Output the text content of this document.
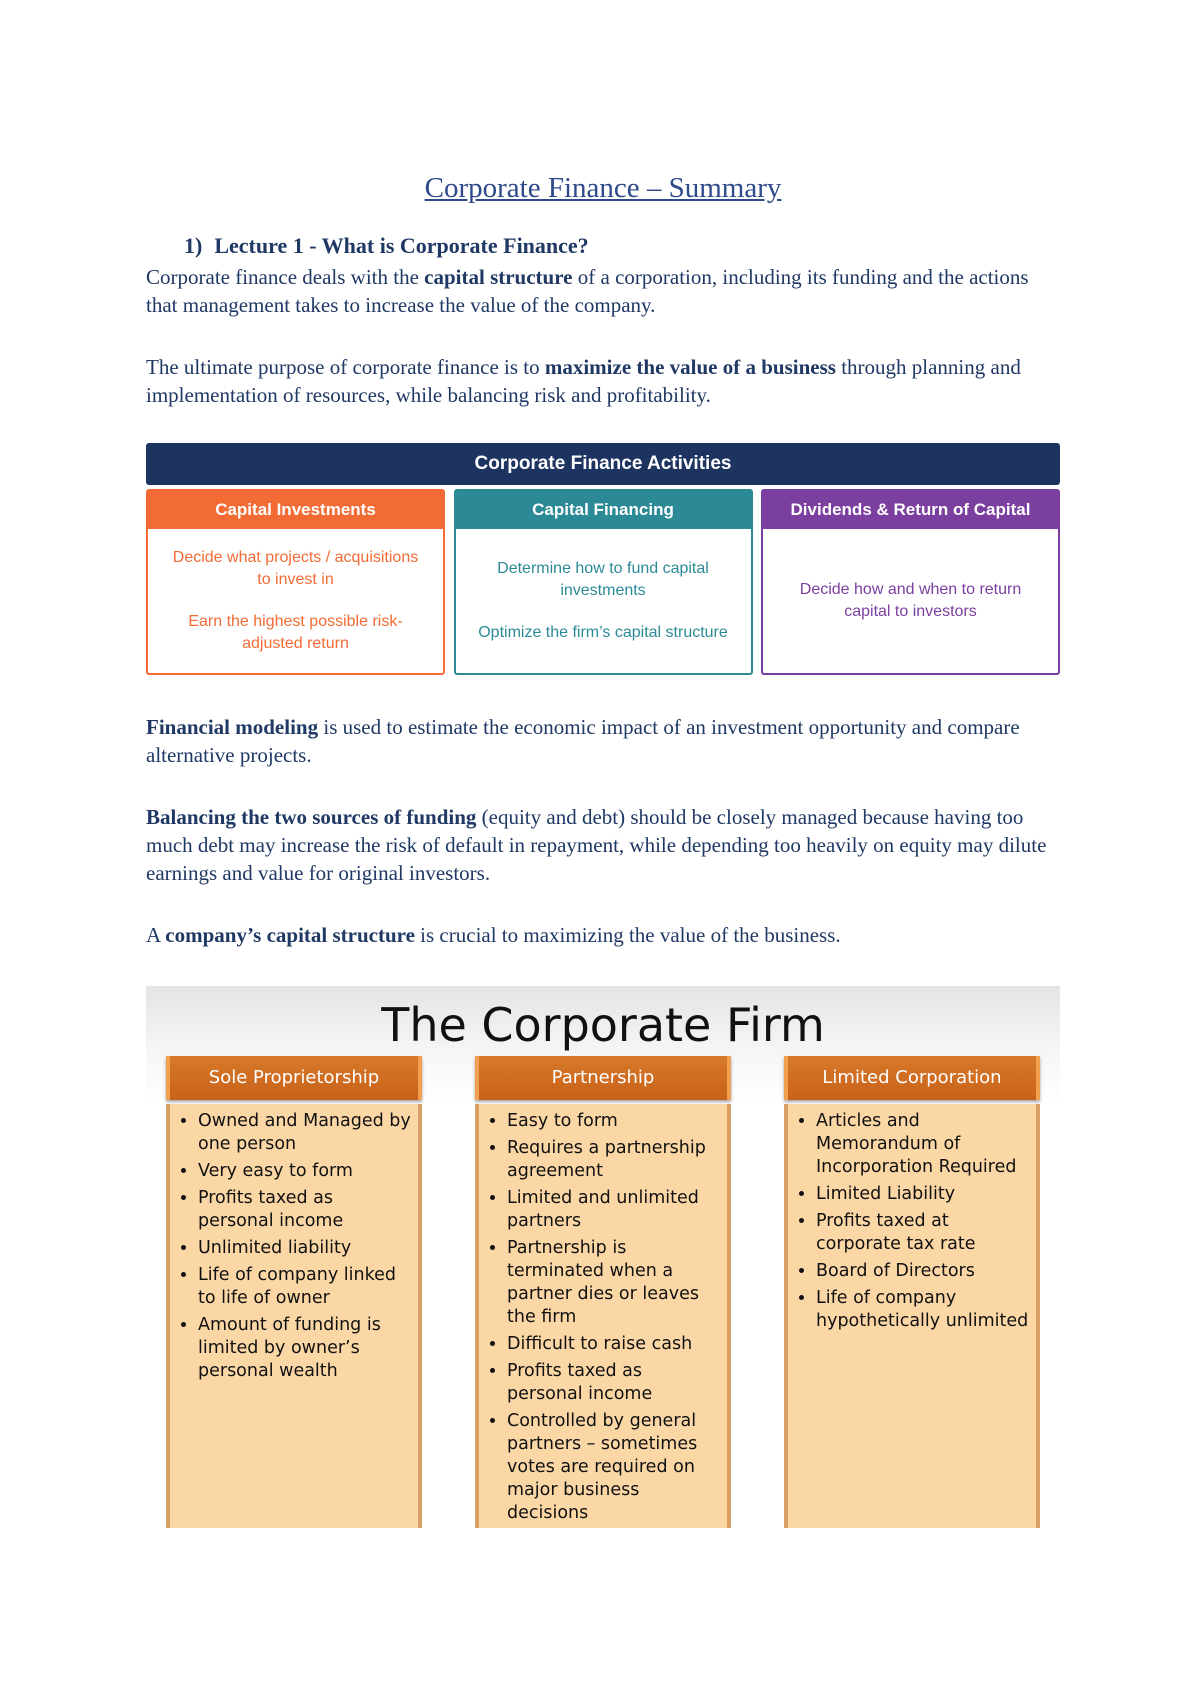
Corporate Finance – Summary
1) Lecture 1 - What is Corporate Finance?

Corporate finance deals with the capital structure of a corporation, including its funding and the actions that management takes to increase the value of the company.

The ultimate purpose of corporate finance is to maximize the value of a business through planning and implementation of resources, while balancing risk and profitability.

Corporate Finance Activities
Capital Investments
Decide what projects / acquisitions to invest in
Earn the highest possible risk-adjusted return
Capital Financing
Determine how to fund capital investments
Optimize the firm’s capital structure
Dividends & Return of Capital
Decide how and when to return capital to investors

Financial modeling is used to estimate the economic impact of an investment opportunity and compare alternative projects.

Balancing the two sources of funding (equity and debt) should be closely managed because having too much debt may increase the risk of default in repayment, while depending too heavily on equity may dilute earnings and value for original investors.

A company’s capital structure is crucial to maximizing the value of the business.

The Corporate Firm
Sole Proprietorship
• Owned and Managed by one person
• Very easy to form
• Profits taxed as personal income
• Unlimited liability
• Life of company linked to life of owner
• Amount of funding is limited by owner’s personal wealth
Partnership
• Easy to form
• Requires a partnership agreement
• Limited and unlimited partners
• Partnership is terminated when a partner dies or leaves the firm
• Difficult to raise cash
• Profits taxed as personal income
• Controlled by general partners – sometimes votes are required on major business decisions
Limited Corporation
• Articles and Memorandum of Incorporation Required
• Limited Liability
• Profits taxed at corporate tax rate
• Board of Directors
• Life of company hypothetically unlimited
